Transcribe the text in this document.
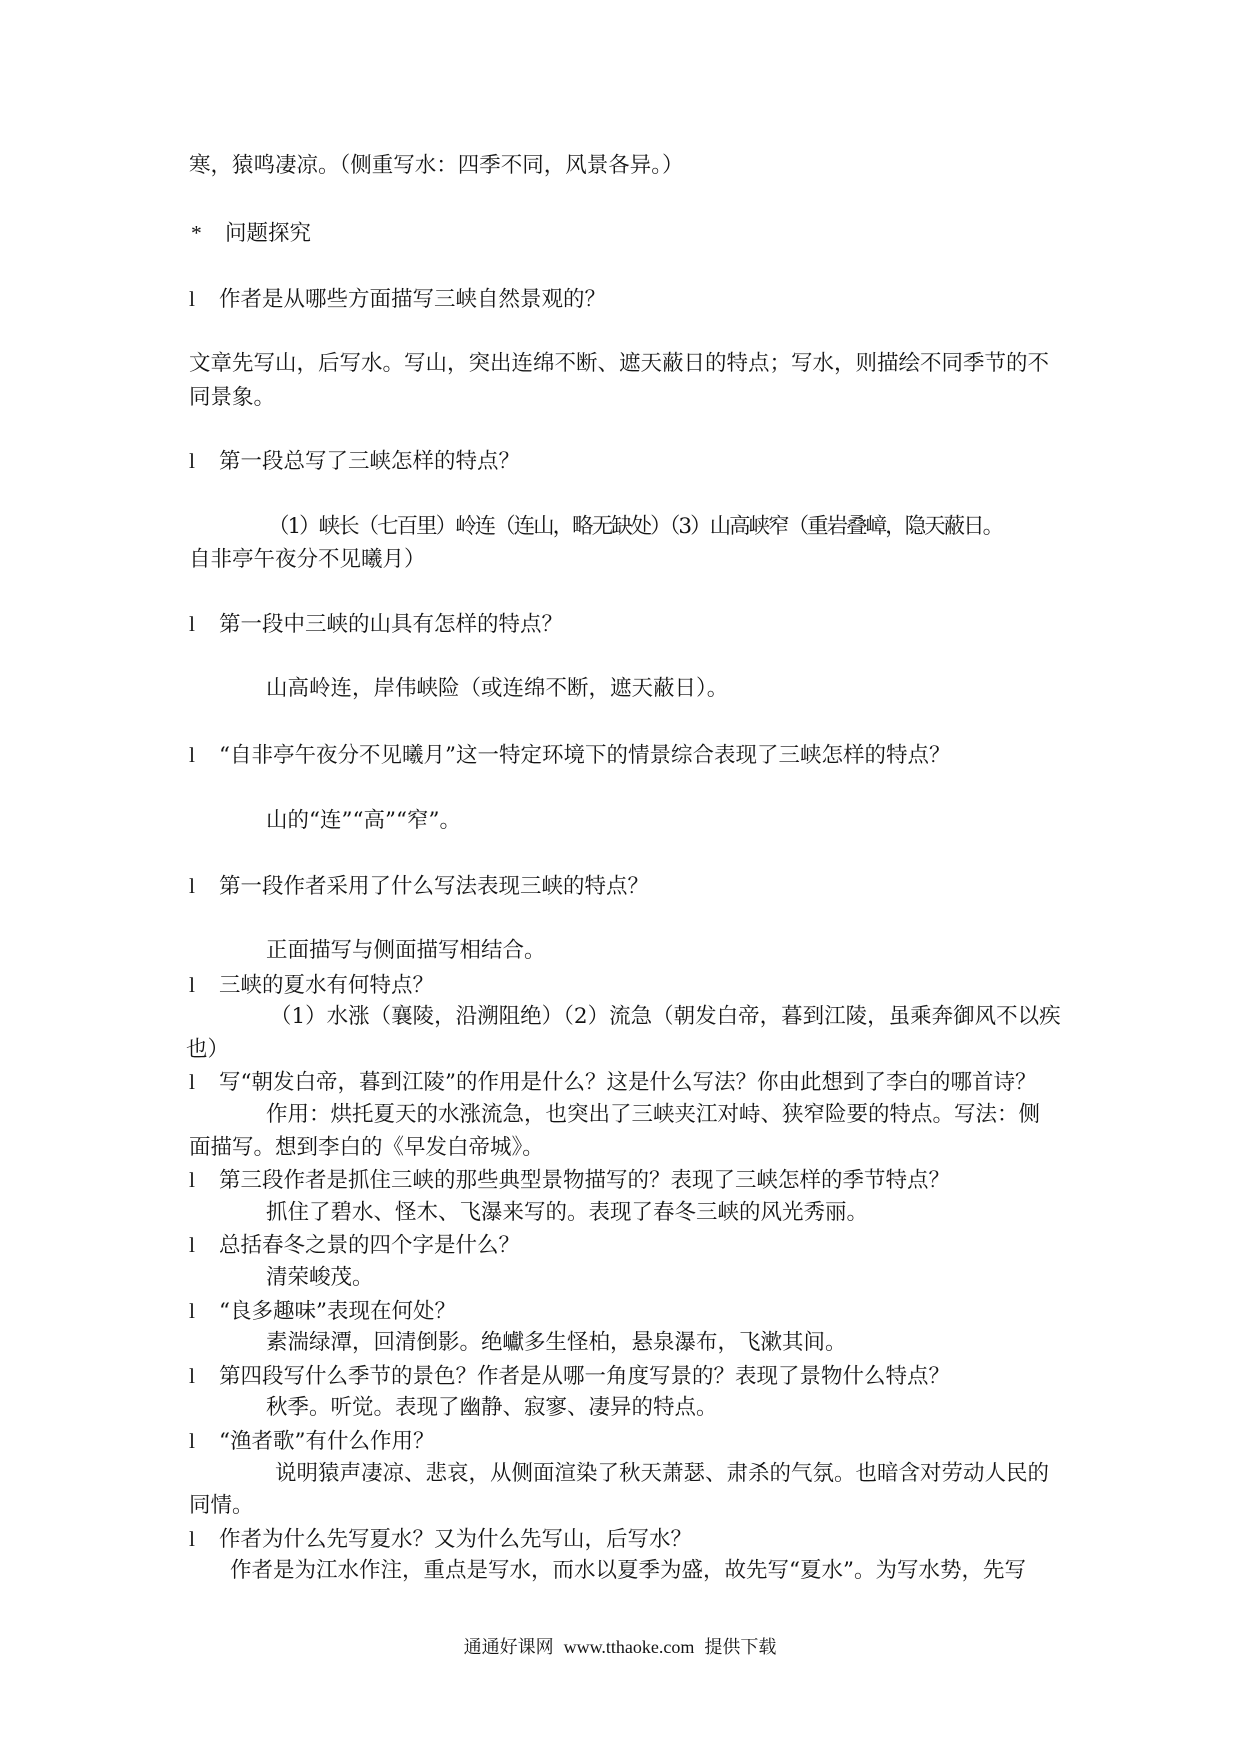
寒，猿鸣凄凉。（侧重写水：四季不同，风景各异。）

* 问题探究
l 作者是从哪些方面描写三峡自然景观的？

文章先写山，后写水。写山，突出连绵不断、遮天蔽日的特点；写水，则描绘不同季节的不

同景象。

l 第一段总写了三峡怎样的特点？

（1）峡长（七百里）岭连（连山，略无缺处）（3）山高峡窄（重岩叠嶂，隐天蔽日。

自非亭午夜分不见曦月）

l 第一段中三峡的山具有怎样的特点？

山高岭连，岸伟峡险（或连绵不断，遮天蔽日）。

l “自非亭午夜分不见曦月”这一特定环境下的情景综合表现了三峡怎样的特点？

山的“连”“高”“窄”。

l 第一段作者采用了什么写法表现三峡的特点？

正面描写与侧面描写相结合。

l 三峡的夏水有何特点？

（1）水涨（襄陵，沿溯阻绝）（2）流急（朝发白帝，暮到江陵，虽乘奔御风不以疾

也）

l 写“朝发白帝，暮到江陵”的作用是什么？这是什么写法？你由此想到了李白的哪首诗？

作用：烘托夏天的水涨流急，也突出了三峡夹江对峙、狭窄险要的特点。写法：侧

面描写。想到李白的《早发白帝城》。

l 第三段作者是抓住三峡的那些典型景物描写的？表现了三峡怎样的季节特点？

抓住了碧水、怪木、飞瀑来写的。表现了春冬三峡的风光秀丽。

l 总括春冬之景的四个字是什么？

清荣峻茂。

l “良多趣味”表现在何处？

素湍绿潭，回清倒影。绝巘多生怪柏，悬泉瀑布，飞漱其间。

l 第四段写什么季节的景色？作者是从哪一角度写景的？表现了景物什么特点？

秋季。听觉。表现了幽静、寂寥、凄异的特点。

l “渔者歌”有什么作用？

说明猿声凄凉、悲哀，从侧面渲染了秋天萧瑟、肃杀的气氛。也暗含对劳动人民的

同情。

l 作者为什么先写夏水？又为什么先写山，后写水？

作者是为江水作注，重点是写水，而水以夏季为盛，故先写“夏水”。为写水势，先写

通通好课网 www.tthaoke.com 提供下载
